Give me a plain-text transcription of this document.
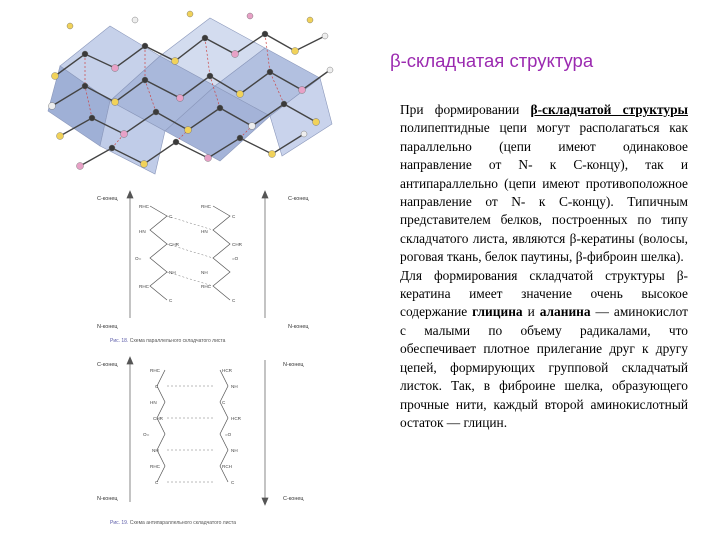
С-конец	С-конец
N-конец	N-конец
RHC
C
HN
CHR
O=
NH
RHC
C
RHC
C
HN
CHR
=O
NH
RHC
C
Рис. 18. Схема параллельного складчатого листа
С-конец	N-конец
N-конец	С-конец
RHC
C
HN
CHR
O=
NH
RHC
C
HCR
NH
C
HCR
=O
NH
RCH
C
Рис. 19. Схема антипараллельного складчатого листа
β-складчатая структура

При формировании β-складчатой структуры полипептидные цепи могут располагаться как параллельно (цепи имеют одинаковое направление от N- к C-концу), так и антипараллельно (цепи имеют противоположное направление от N- к C-концу). Типичным представителем белков, построенных по типу складчатого листа, являются β-кератины (волосы, роговая ткань, белок паутины, β-фиброин шелка).

Для формирования складчатой структуры β-кератина имеет значение очень высокое содержание глицина и аланина — аминокислот с малыми по объему радикалами, что обеспечивает плотное прилегание друг к другу цепей, формирующих групповой складчатый листок. Так, в фиброине шелка, образующего прочные нити, каждый второй аминокислотный остаток — глицин.
